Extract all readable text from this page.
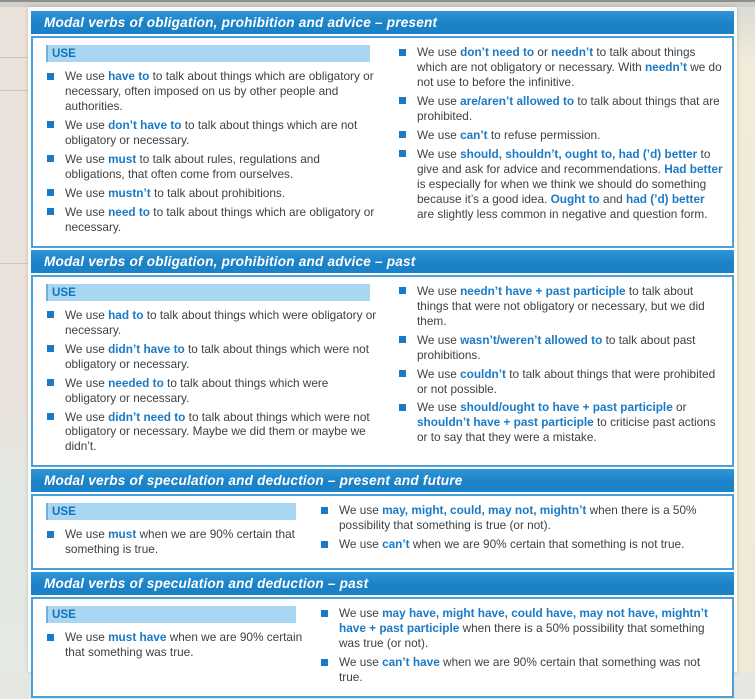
Modal verbs of obligation, prohibition and advice – present
USE
We use have to to talk about things which are obligatory or necessary, often imposed on us by other people and authorities.
We use don’t have to to talk about things which are not obligatory or necessary.
We use must to talk about rules, regulations and obligations, that often come from ourselves.
We use mustn’t to talk about prohibitions.
We use need to to talk about things which are obligatory or necessary.
We use don’t need to or needn’t to talk about things which are not obligatory or necessary. With needn’t we do not use to before the infinitive.
We use are/aren’t allowed to to talk about things that are prohibited.
We use can’t to refuse permission.
We use should, shouldn’t, ought to, had (’d) better to give and ask for advice and recommendations. Had better is especially for when we think we should do something because it’s a good idea. Ought to and had (’d) better are slightly less common in negative and question form.
Modal verbs of obligation, prohibition and advice – past
USE
We use had to to talk about things which were obligatory or necessary.
We use didn’t have to to talk about things which were not obligatory or necessary.
We use needed to to talk about things which were obligatory or necessary.
We use didn’t need to to talk about things which were not obligatory or necessary. Maybe we did them or maybe we didn’t.
We use needn’t have + past participle to talk about things that were not obligatory or necessary, but we did them.
We use wasn’t/weren’t allowed to to talk about past prohibitions.
We use couldn’t to talk about things that were prohibited or not possible.
We use should/ought to have + past participle or shouldn’t have + past participle to criticise past actions or to say that they were a mistake.
Modal verbs of speculation and deduction – present and future
USE
We use must when we are 90% certain that something is true.
We use may, might, could, may not, mightn’t when there is a 50% possibility that something is true (or not).
We use can’t when we are 90% certain that something is not true.
Modal verbs of speculation and deduction – past
USE
We use must have when we are 90% certain that something was true.
We use may have, might have, could have, may not have, mightn’t have + past participle when there is a 50% possibility that something was true (or not).
We use can’t have when we are 90% certain that something was not true.
